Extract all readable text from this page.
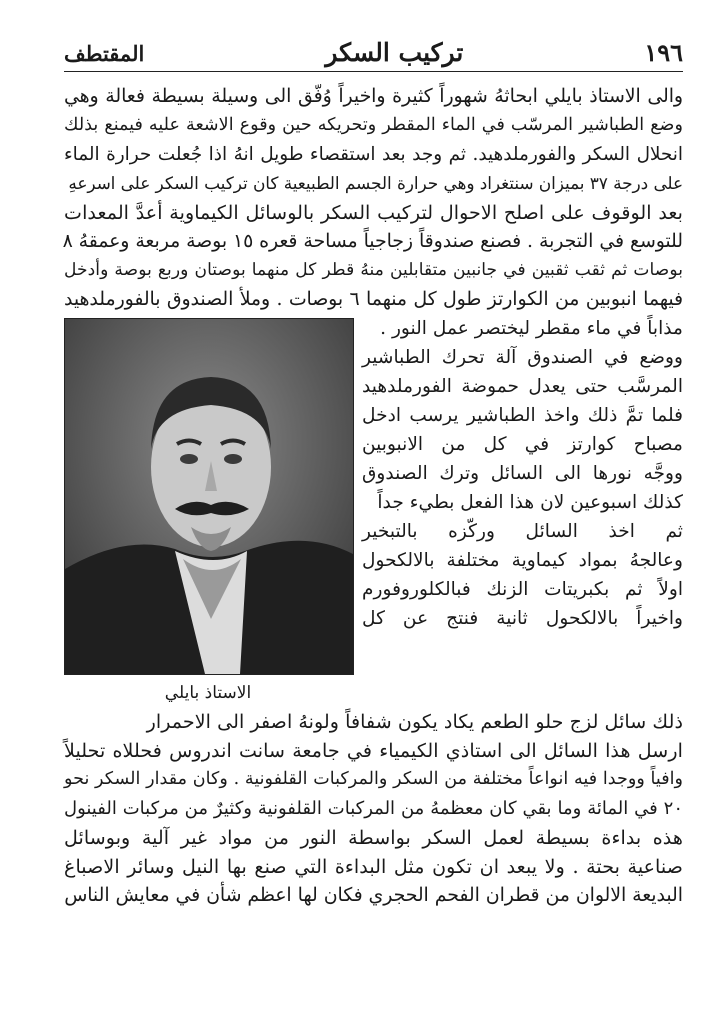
١٩٦
تركيب السكر
المقتطف
والى الاستاذ بايلي ابحاثهُ شهوراً كثيرة واخيراً وُفّق الى وسيلة بسيطة فعالة وهي
وضع الطباشير المرسّب في الماء المقطر وتحريكه حين وقوع الاشعة عليه فيمنع بذلك
انحلال السكر والفورملدهيد. ثم وجد بعد استقصاء طويل انهُ اذا جُعلت حرارة الماء
على درجة ٣٧ بميزان سنتغراد وهي حرارة الجسم الطبيعية كان تركيب السكر على اسرعهِ
بعد الوقوف على اصلح الاحوال لتركيب السكر بالوسائل الكيماوية أعدَّ المعدات
للتوسع في التجربة . فصنع صندوقاً زجاجياً مساحة قعره ١٥ بوصة مربعة وعمقهُ ٨
بوصات ثم ثقب ثقبين في جانبين متقابلين منهُ قطر كل منهما بوصتان وربع بوصة وأدخل
فيهما انبوبين من الكوارتز طول كل منهما ٦ بوصات . وملأ الصندوق بالفورملدهيد
مذاباً في ماء مقطر ليختصر عمل النور .
ووضع في الصندوق آلة تحرك الطباشير
المرسَّب حتى يعدل حموضة الفورملدهيد
فلما تمَّ ذلك واخذ الطباشير يرسب ادخل
مصباح كوارتز في كل من الانبوبين
ووجَّه نورها الى السائل وترك الصندوق
كذلك اسبوعين لان هذا الفعل بطيء جداً
ثم اخذ السائل وركّزه بالتبخير
وعالجهُ بمواد كيماوية مختلفة بالالكحول
اولاً ثم بكبريتات الزنك فبالكلوروفورم
واخيراً بالالكحول ثانية فنتج عن كل
الاستاذ بايلي
ذلك سائل لزج حلو الطعم يكاد يكون شفافاً ولونهُ اصفر الى الاحمرار
ارسل هذا السائل الى استاذي الكيمياء في جامعة سانت اندروس فحللاه تحليلاً
وافياً ووجدا فيه انواعاً مختلفة من السكر والمركبات القلفونية . وكان مقدار السكر نحو
٢٠ في المائة وما بقي كان معظمهُ من المركبات القلفونية وكثيرٌ من مركبات الفينول
هذه بداءة بسيطة لعمل السكر بواسطة النور من مواد غير آلية وبوسائل
صناعية بحتة . ولا يبعد ان تكون مثل البداءة التي صنع بها النيل وسائر الاصباغ
البديعة الالوان من قطران الفحم الحجري فكان لها اعظم شأن في معايش الناس
